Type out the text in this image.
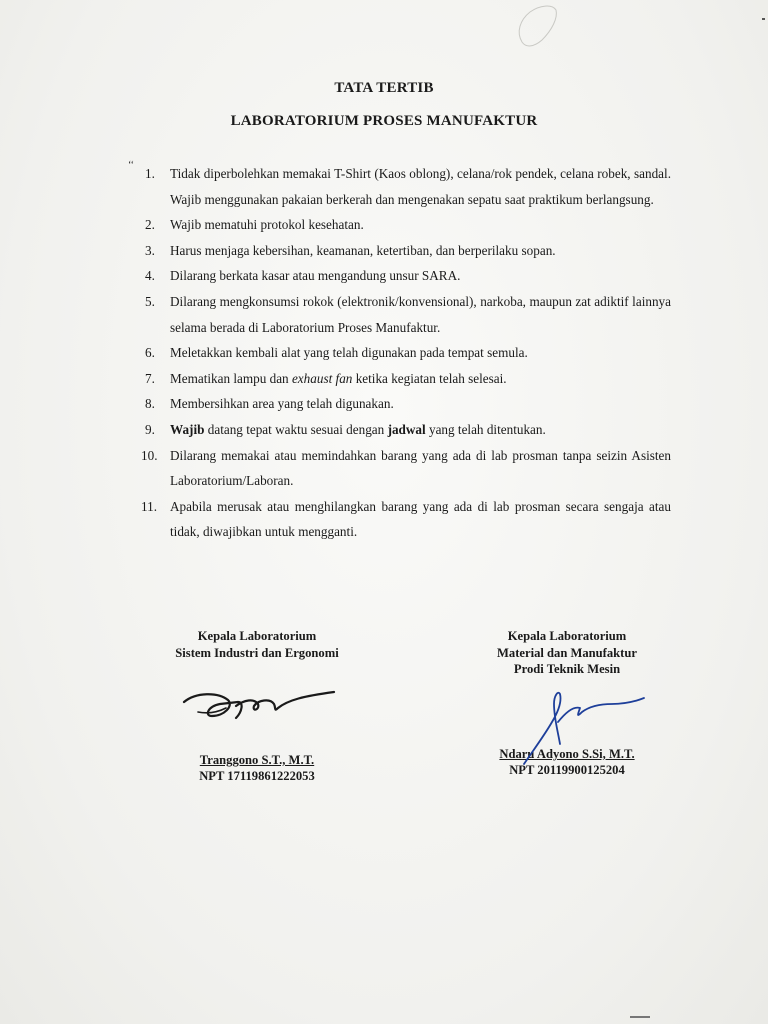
TATA TERTIB
LABORATORIUM PROSES MANUFAKTUR
‘‘
1.	Tidak diperbolehkan memakai T-Shirt (Kaos oblong), celana/rok pendek, celana robek, sandal. Wajib menggunakan pakaian berkerah dan mengenakan sepatu saat praktikum berlangsung.
2.	Wajib mematuhi protokol kesehatan.
3.	Harus menjaga kebersihan, keamanan, ketertiban, dan berperilaku sopan.
4.	Dilarang berkata kasar atau mengandung unsur SARA.
5.	Dilarang mengkonsumsi rokok (elektronik/konvensional), narkoba, maupun zat adiktif lainnya selama berada di Laboratorium Proses Manufaktur.
6.	Meletakkan kembali alat yang telah digunakan pada tempat semula.
7.	Mematikan lampu dan exhaust fan ketika kegiatan telah selesai.
8.	Membersihkan area yang telah digunakan.
9.	Wajib datang tepat waktu sesuai dengan jadwal yang telah ditentukan.
10. Dilarang memakai atau memindahkan barang yang ada di lab prosman tanpa seizin Asisten Laboratorium/Laboran.
11. Apabila merusak atau menghilangkan barang yang ada di lab prosman secara sengaja atau tidak, diwajibkan untuk mengganti.
Kepala Laboratorium
Sistem Industri dan Ergonomi
Kepala Laboratorium
Material dan Manufaktur
Prodi Teknik Mesin
Tranggono S.T., M.T.
NPT 17119861222053
Ndaru Adyono S.Si, M.T.
NPT 20119900125204
